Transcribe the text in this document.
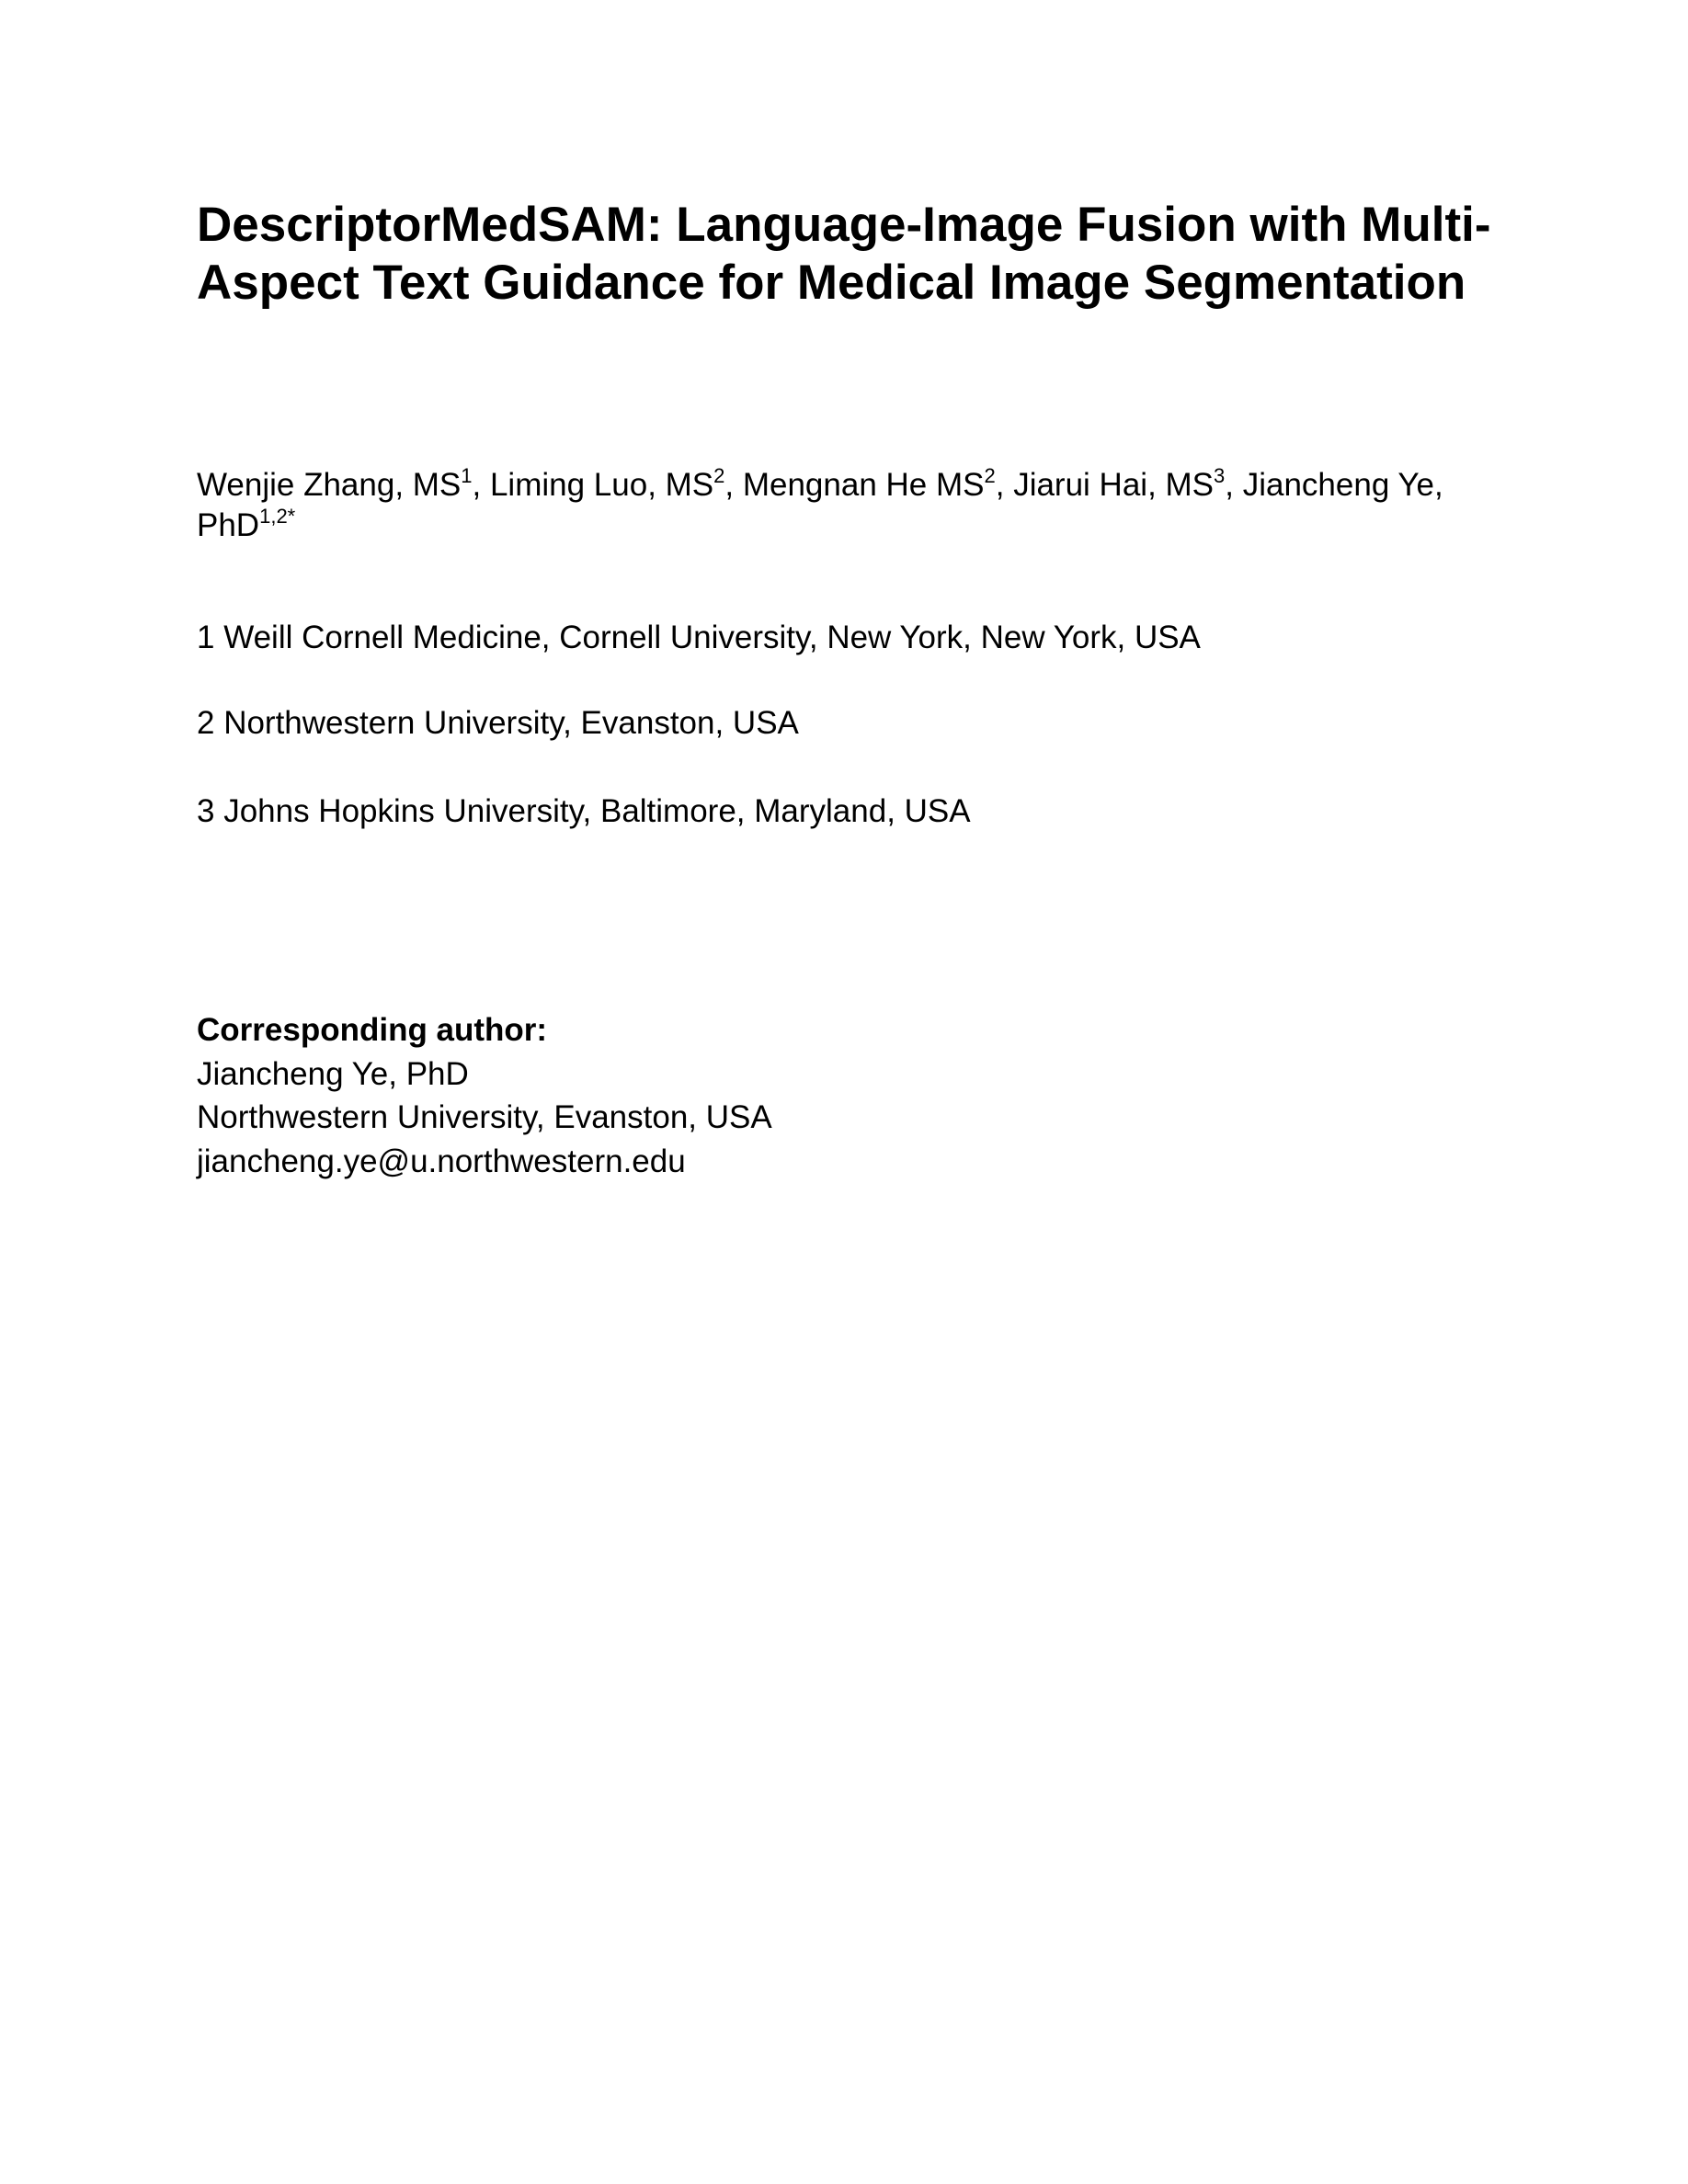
DescriptorMedSAM: Language-Image Fusion with Multi-Aspect Text Guidance for Medical Image Segmentation

Wenjie Zhang, $MS^1$, Liming Luo, $MS^2$, Mengnan He $MS^2$, Jiarui Hai, $MS^3$, Jiancheng Ye, PhD$^{1,2*}$

1 Weill Cornell Medicine, Cornell University, New York, New York, USA

2 Northwestern University, Evanston, USA

3 Johns Hopkins University, Baltimore, Maryland, USA

Corresponding author:
Jiancheng Ye, PhD
Northwestern University, Evanston, USA
jiancheng.ye@u.northwestern.edu
